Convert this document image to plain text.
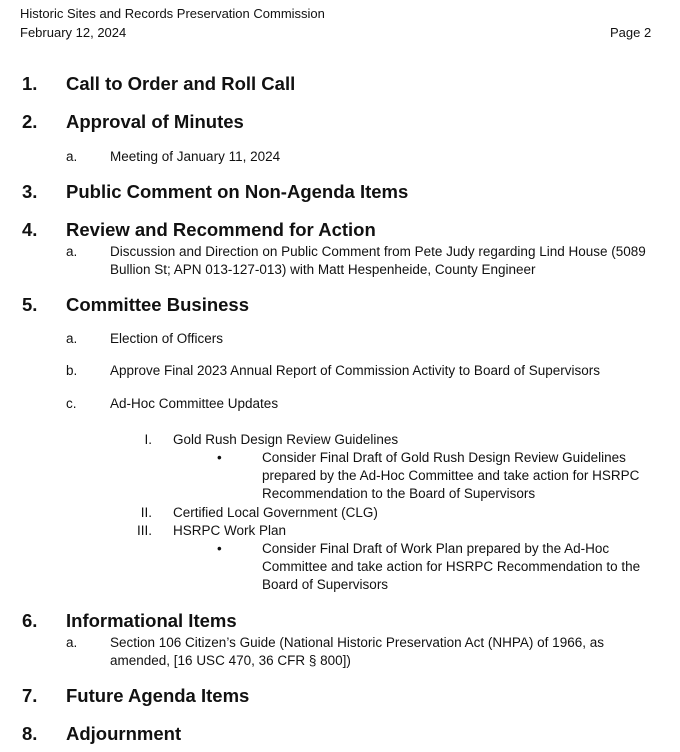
Historic Sites and Records Preservation Commission
February 12, 2024	Page 2
1. Call to Order and Roll Call
2. Approval of Minutes
a. Meeting of January 11, 2024
3. Public Comment on Non-Agenda Items
4. Review and Recommend for Action
a. Discussion and Direction on Public Comment from Pete Judy regarding Lind House (5089 Bullion St; APN 013-127-013) with Matt Hespenheide, County Engineer
5. Committee Business
a. Election of Officers
b. Approve Final 2023 Annual Report of Commission Activity to Board of Supervisors
c. Ad-Hoc Committee Updates
I. Gold Rush Design Review Guidelines
•	Consider Final Draft of Gold Rush Design Review Guidelines prepared by the Ad-Hoc Committee and take action for HSRPC Recommendation to the Board of Supervisors
II. Certified Local Government (CLG)
III. HSRPC Work Plan
•	Consider Final Draft of Work Plan prepared by the Ad-Hoc Committee and take action for HSRPC Recommendation to the Board of Supervisors
6. Informational Items
a. Section 106 Citizen’s Guide (National Historic Preservation Act (NHPA) of 1966, as amended, [16 USC 470, 36 CFR § 800])
7. Future Agenda Items
8. Adjournment
